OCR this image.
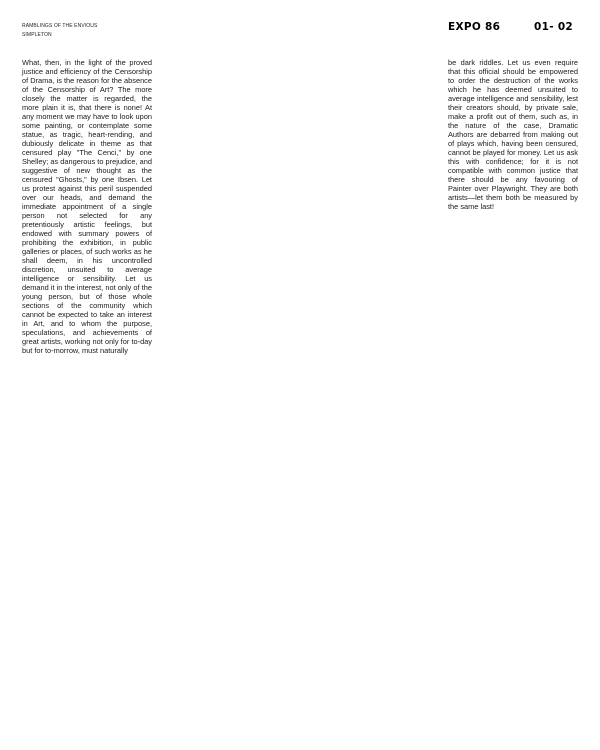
RAMBLINGS OF THE ENVIOUS
SIMPLETON
EXPO 86	01- 02
What, then, in the light of the proved justice and efficiency of the Censorship of Drama, is the reason for the absence of the Censorship of Art? The more closely the matter is regarded, the more plain it is, that there is none! At any moment we may have to look upon some painting, or contemplate some statue, as tragic, heart-rending, and dubiously delicate in theme as that censured play "The Cenci," by one Shelley; as dangerous to prejudice, and suggestive of new thought as the censured "Ghosts," by one Ibsen. Let us protest against this peril suspended over our heads, and demand the immediate appointment of a single person not selected for any pretentiously artistic feelings, but endowed with summary powers of prohibiting the exhibition, in public galleries or places, of such works as he shall deem, in his uncontrolled discretion, unsuited to average intelligence or sensibility. Let us demand it in the interest, not only of the young person, but of those whole sections of the community which cannot be expected to take an interest in Art, and to whom the purpose, speculations, and achievements of great artists, working not only for to-day but for to-morrow, must naturally
be dark riddles. Let us even require that this official should be empowered to order the destruction of the works which he has deemed unsuited to average intelligence and sensibility, lest their creators should, by private sale, make a profit out of them, such as, in the nature of the case, Dramatic Authors are debarred from making out of plays which, having been censured, cannot be played for money. Let us ask this with confidence; for it is not compatible with common justice that there should be any favouring of Painter over Playwright. They are both artists—let them both be measured by the same last!
